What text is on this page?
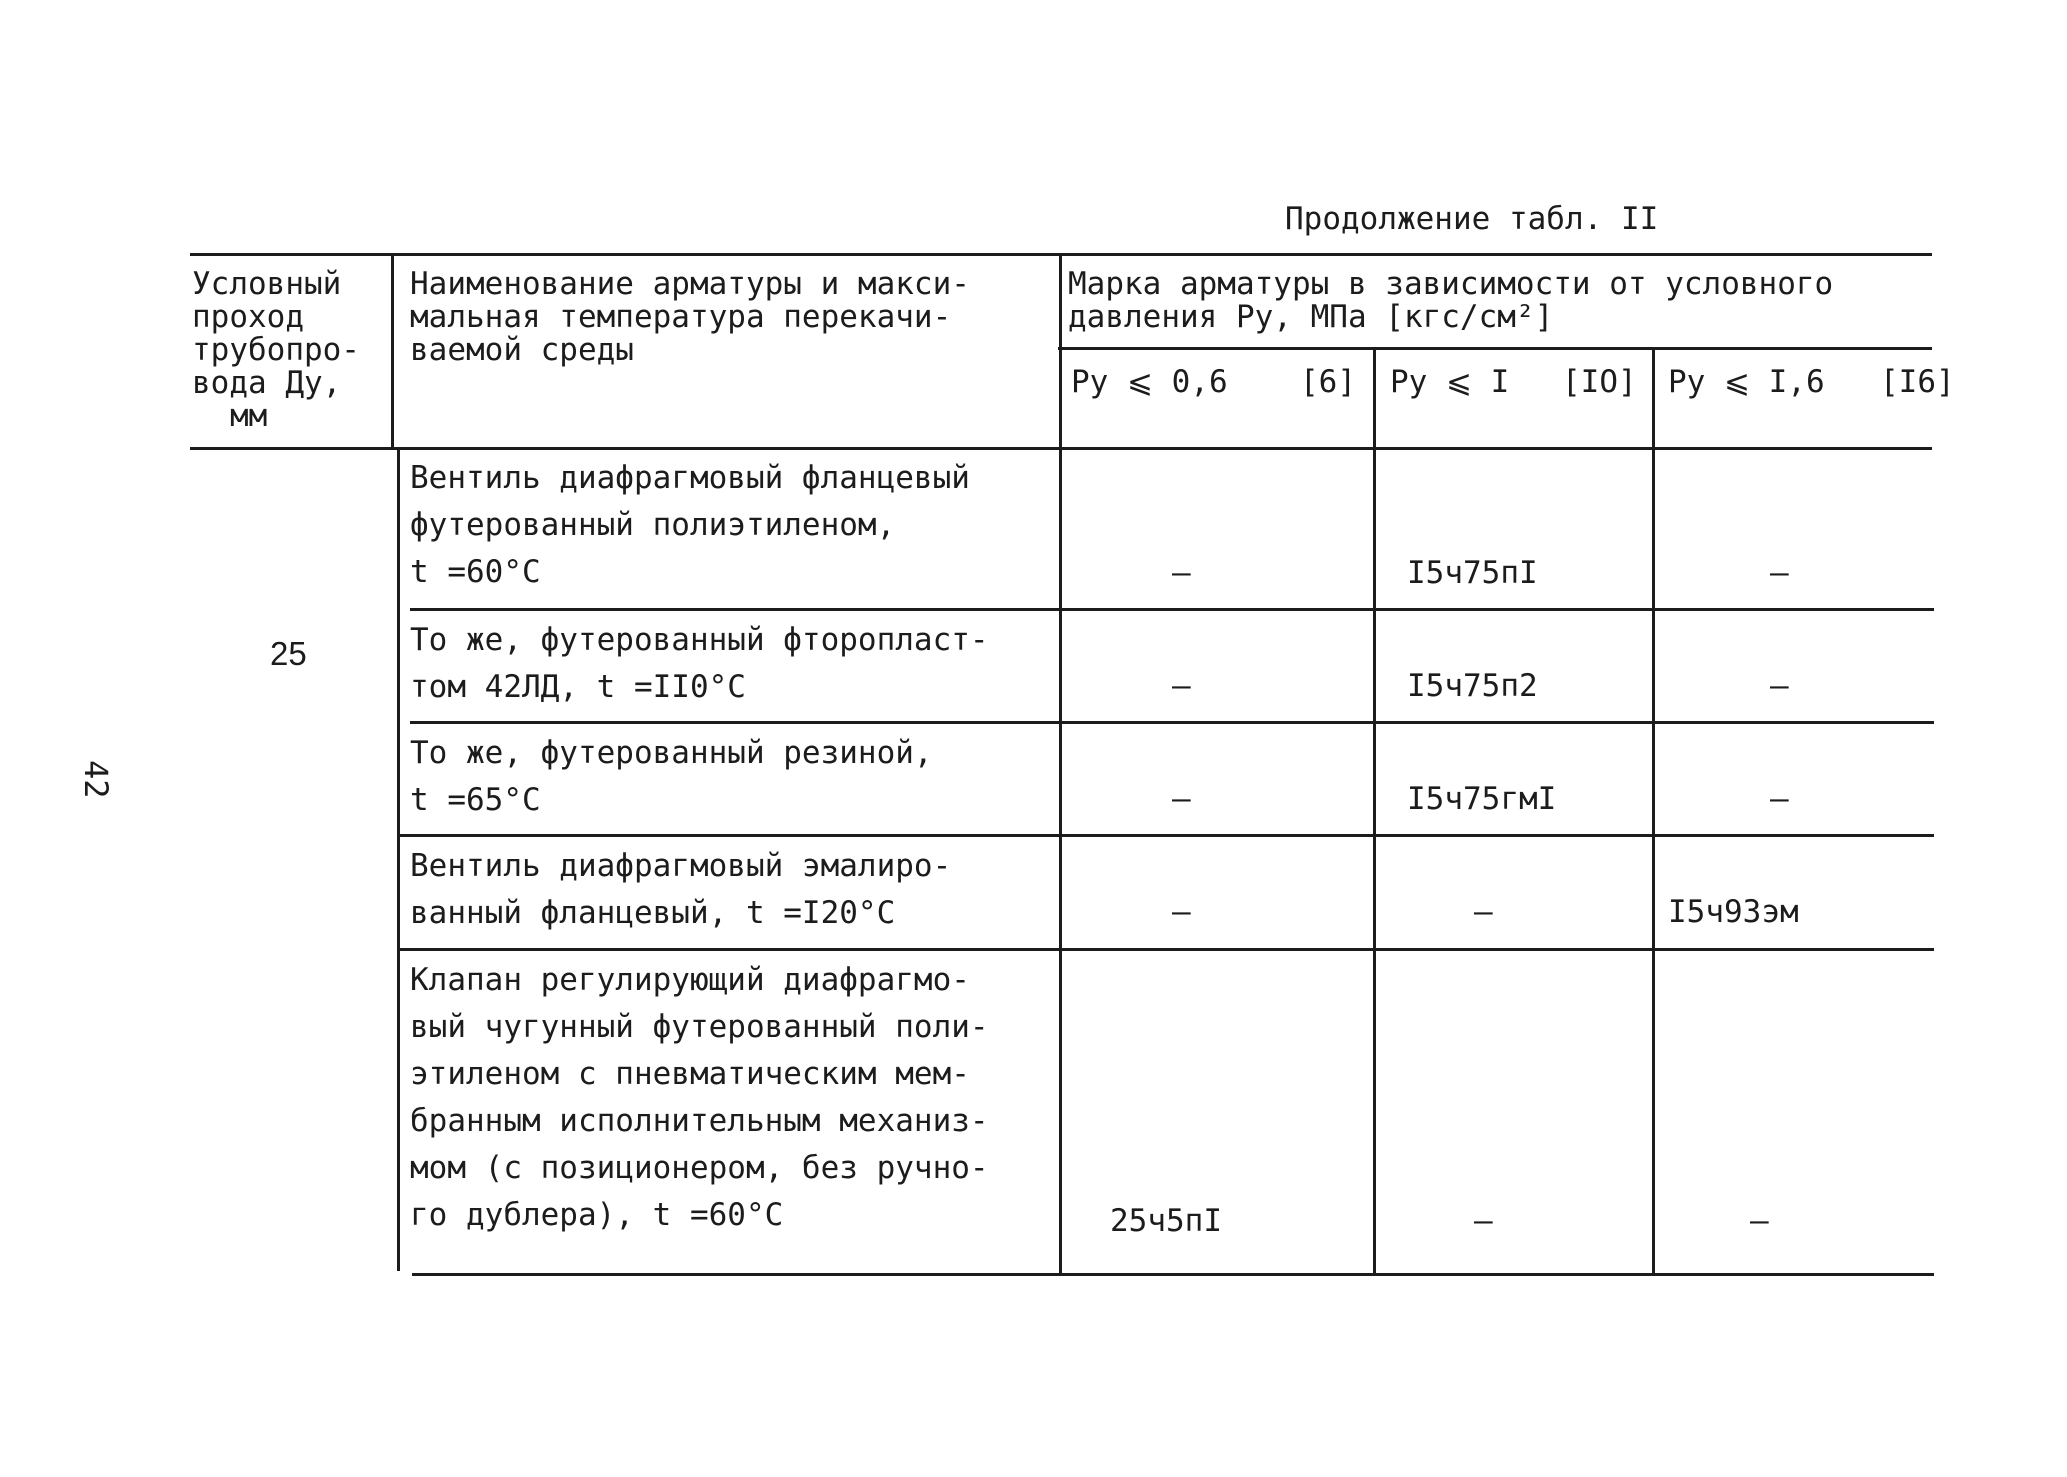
42
Продолжение табл. II
Условный
проход
трубопро-
вода Ду,
мм
Наименование арматуры и макси-
мальная температура перекачи-
ваемой среды
Марка арматуры в зависимости от условного
давления Ру, МПа [кгс/см²]
Ру ⩽ 0,6 [6] Ру ⩽ I [IO] Ру ⩽ I,6 [I6]
25
Вентиль диафрагмовый фланцевый
футерованный полиэтиленом,
t =60°С	–	I5ч75пI	–
То же, футерованный фторопласт-
том 42ЛД, t =II0°С	–	I5ч75п2	–
То же, футерованный резиной,
t =65°С	–	I5ч75гмI	–
Вентиль диафрагмовый эмалиро-
ванный фланцевый, t =I20°С	–	–	I5ч93эм
Клапан регулирующий диафрагмо-
вый чугунный футерованный поли-
этиленом с пневматическим мем-
бранным исполнительным механиз-
мом (с позиционером, без ручно-
го дублера), t =60°С	25ч5пI	–	–
